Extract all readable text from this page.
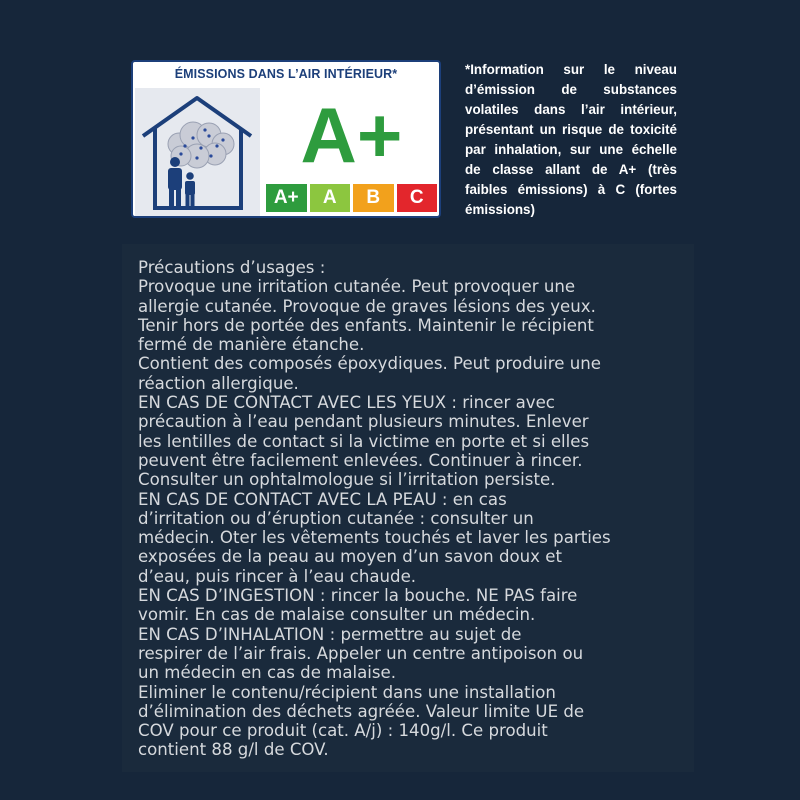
ÉMISSIONS DANS L’AIR INTÉRIEUR*
A+
A+	A	B	C
*Information sur le niveau d’émission de substances volatiles dans l’air intérieur, présentant un risque de toxicité par inhalation, sur une échelle de classe allant de A+ (très faibles émissions) à C (fortes émissions)
Précautions d’usages :
Provoque une irritation cutanée. Peut provoquer une
allergie cutanée. Provoque de graves lésions des yeux.
Tenir hors de portée des enfants. Maintenir le récipient
fermé de manière étanche.
Contient des composés époxydiques. Peut produire une
réaction allergique.
EN CAS DE CONTACT AVEC LES YEUX : rincer avec
précaution à l’eau pendant plusieurs minutes. Enlever
les lentilles de contact si la victime en porte et si elles
peuvent être facilement enlevées. Continuer à rincer.
Consulter un ophtalmologue si l’irritation persiste.
EN CAS DE CONTACT AVEC LA PEAU : en cas
d’irritation ou d’éruption cutanée : consulter un
médecin. Oter les vêtements touchés et laver les parties
exposées de la peau au moyen d’un savon doux et
d’eau, puis rincer à l’eau chaude.
EN CAS D’INGESTION : rincer la bouche. NE PAS faire
vomir. En cas de malaise consulter un médecin.
EN CAS D’INHALATION : permettre au sujet de
respirer de l’air frais. Appeler un centre antipoison ou
un médecin en cas de malaise.
Eliminer le contenu/récipient dans une installation
d’élimination des déchets agréée. Valeur limite UE de
COV pour ce produit (cat. A/j) : 140g/l. Ce produit
contient 88 g/l de COV.
